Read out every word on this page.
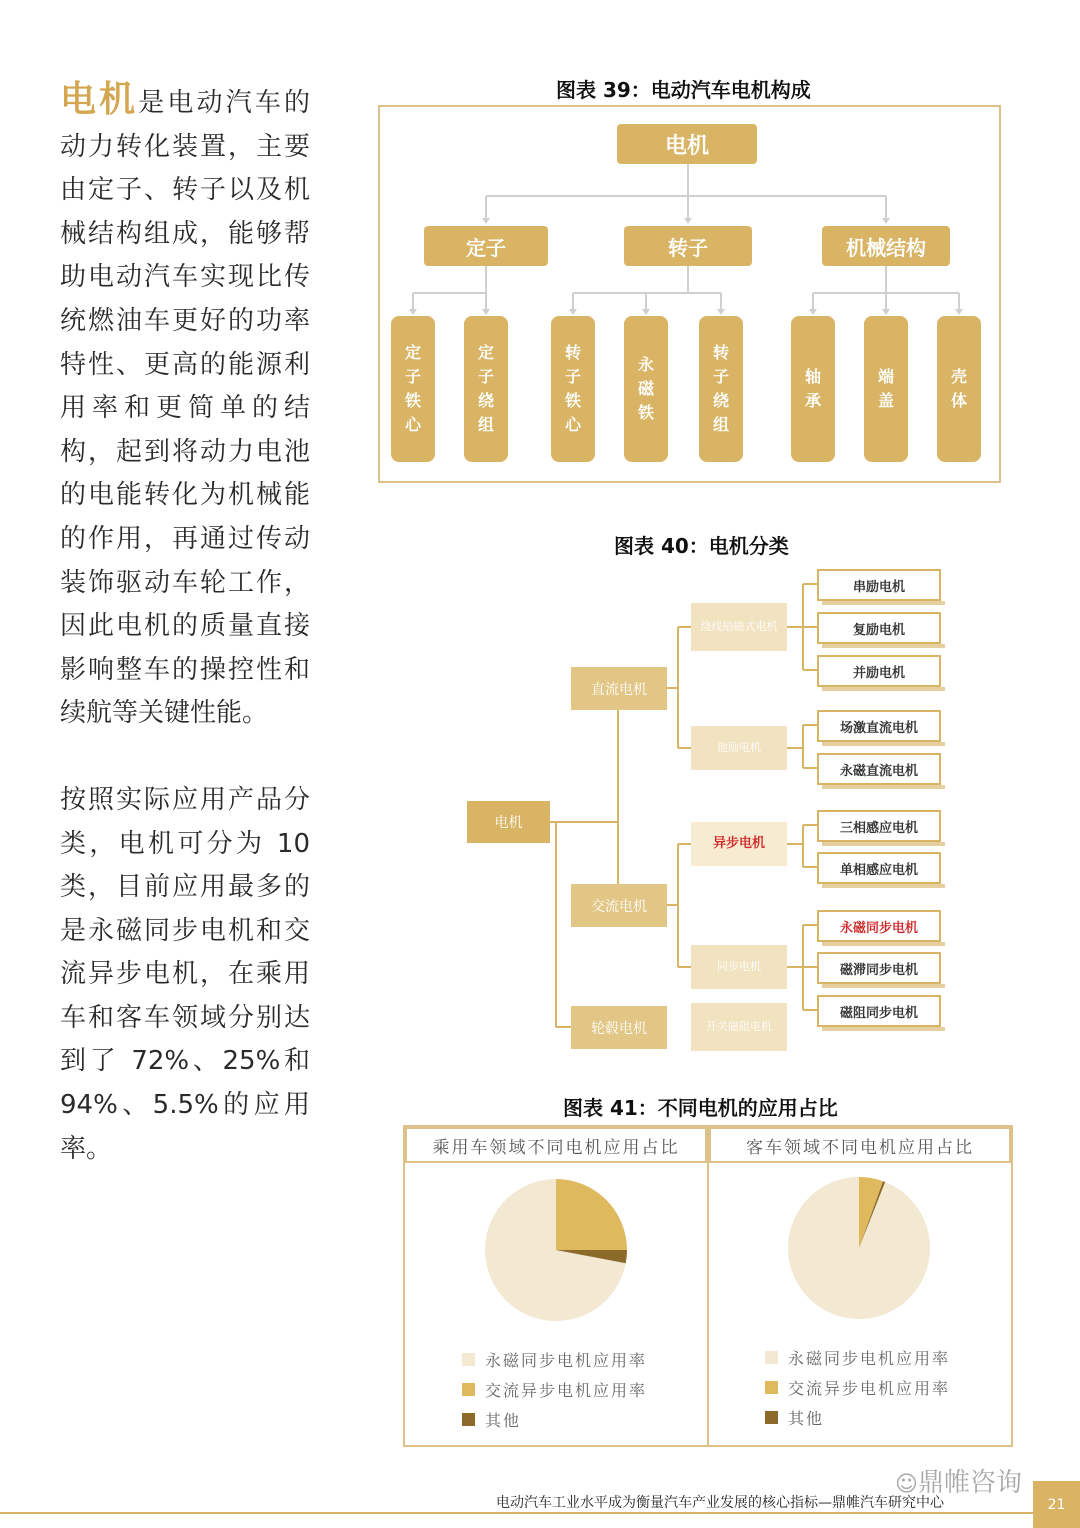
电机是电动汽车的动力转化装置，主要由定子、转子以及机械结构组成，能够帮助电动汽车实现比传统燃油车更好的功率特性、更高的能源利用率和更简单的结构，起到将动力电池的电能转化为机械能的作用，再通过传动装饰驱动车轮工作，因此电机的质量直接影响整车的操控性和续航等关键性能。

按照实际应用产品分类，电机可分为 10 类，目前应用最多的是永磁同步电机和交流异步电机，在乘用车和客车领域分别达到了 72%、25%和 94%、5.5%的应用率。

图表 39：电动汽车电机构成
电机
定子	转子	机械结构
定
子
铁
心
定
子
绕
组
转
子
铁
心
永
磁
铁
转
子
绕
组
轴
承
端
盖
壳
体
图表 40：电机分类
电机
直流电机
交流电机
轮毂电机
绕线励磁式电机
他励电机
异步电机
同步电机
开关磁阻电机
串励电机
复励电机
并励电机
场激直流电机
永磁直流电机
三相感应电机
单相感应电机
永磁同步电机
磁滞同步电机
磁阻同步电机
图表 41：不同电机的应用占比
乘用车领域不同电机应用占比	客车领域不同电机应用占比
永磁同步电机应用率
交流异步电机应用率
其他
永磁同步电机应用率
交流异步电机应用率
其他
电动汽车工业水平成为衡量汽车产业发展的核心指标—鼎帷汽车研究中心	21
☺鼎帷咨询
